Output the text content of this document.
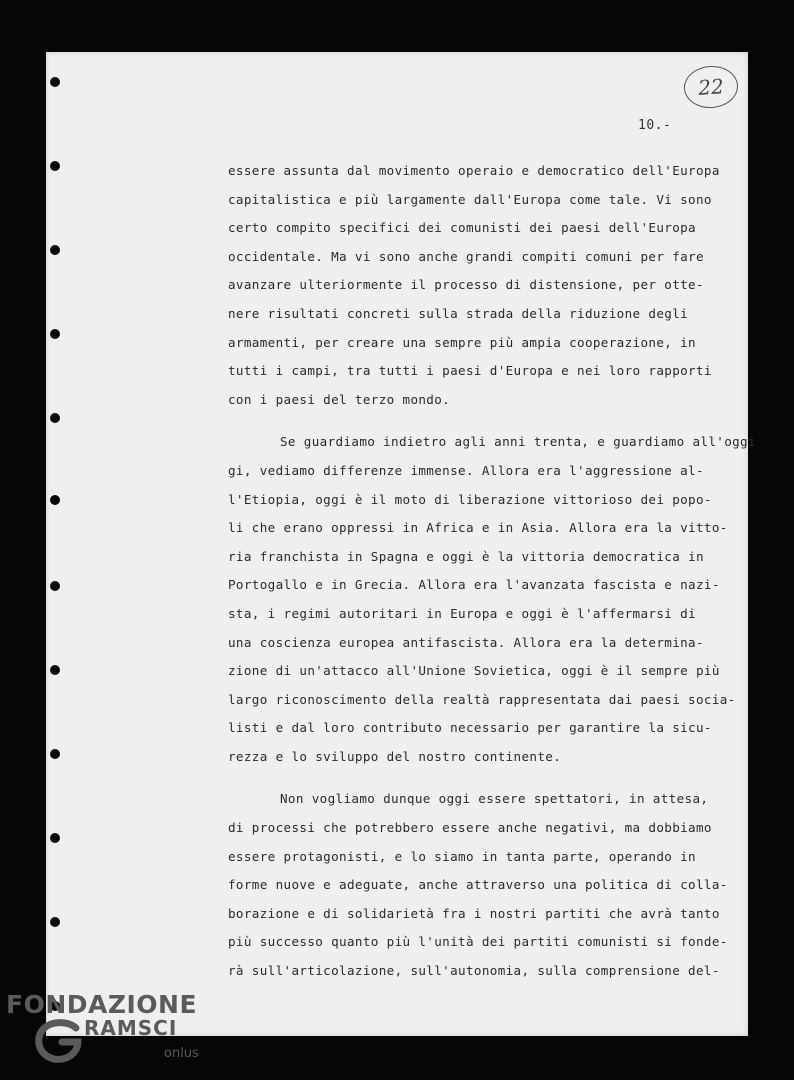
22
10.-
essere assunta dal movimento operaio e democratico dell'Europa
capitalistica e più largamente dall'Europa come tale. Vi sono
certo compito specifici dei comunisti dei paesi dell'Europa
occidentale. Ma vi sono anche grandi compiti comuni per fare
avanzare ulteriormente il processo di distensione, per otte-
nere risultati concreti sulla strada della riduzione degli
armamenti, per creare una sempre più ampia cooperazione, in
tutti i campi, tra tutti i paesi d'Europa e nei loro rapporti
con i paesi del terzo mondo.
Se guardiamo indietro agli anni trenta, e guardiamo all'oggi
gi, vediamo differenze immense. Allora era l'aggressione al-
l'Etiopia, oggi è il moto di liberazione vittorioso dei popo-
li che erano oppressi in Africa e in Asia. Allora era la vitto-
ria franchista in Spagna e oggi è la vittoria democratica in
Portogallo e in Grecia. Allora era l'avanzata fascista e nazi-
sta, i regimi autoritari in Europa e oggi è l'affermarsi di
una coscienza europea antifascista. Allora era la determina-
zione di un'attacco all'Unione Sovietica, oggi è il sempre più
largo riconoscimento della realtà rappresentata dai paesi socia-
listi e dal loro contributo necessario per garantire la sicu-
rezza e lo sviluppo del nostro continente.
Non vogliamo dunque oggi essere spettatori, in attesa,
di processi che potrebbero essere anche negativi, ma dobbiamo
essere protagonisti, e lo siamo in tanta parte, operando in
forme nuove e adeguate, anche attraverso una politica di colla-
borazione e di solidarietà fra i nostri partiti che avrà tanto
più successo quanto più l'unità dei partiti comunisti si fonde-
rà sull'articolazione, sull'autonomia, sulla comprensione del-
FONDAZIONE
RAMSCI
onlus
